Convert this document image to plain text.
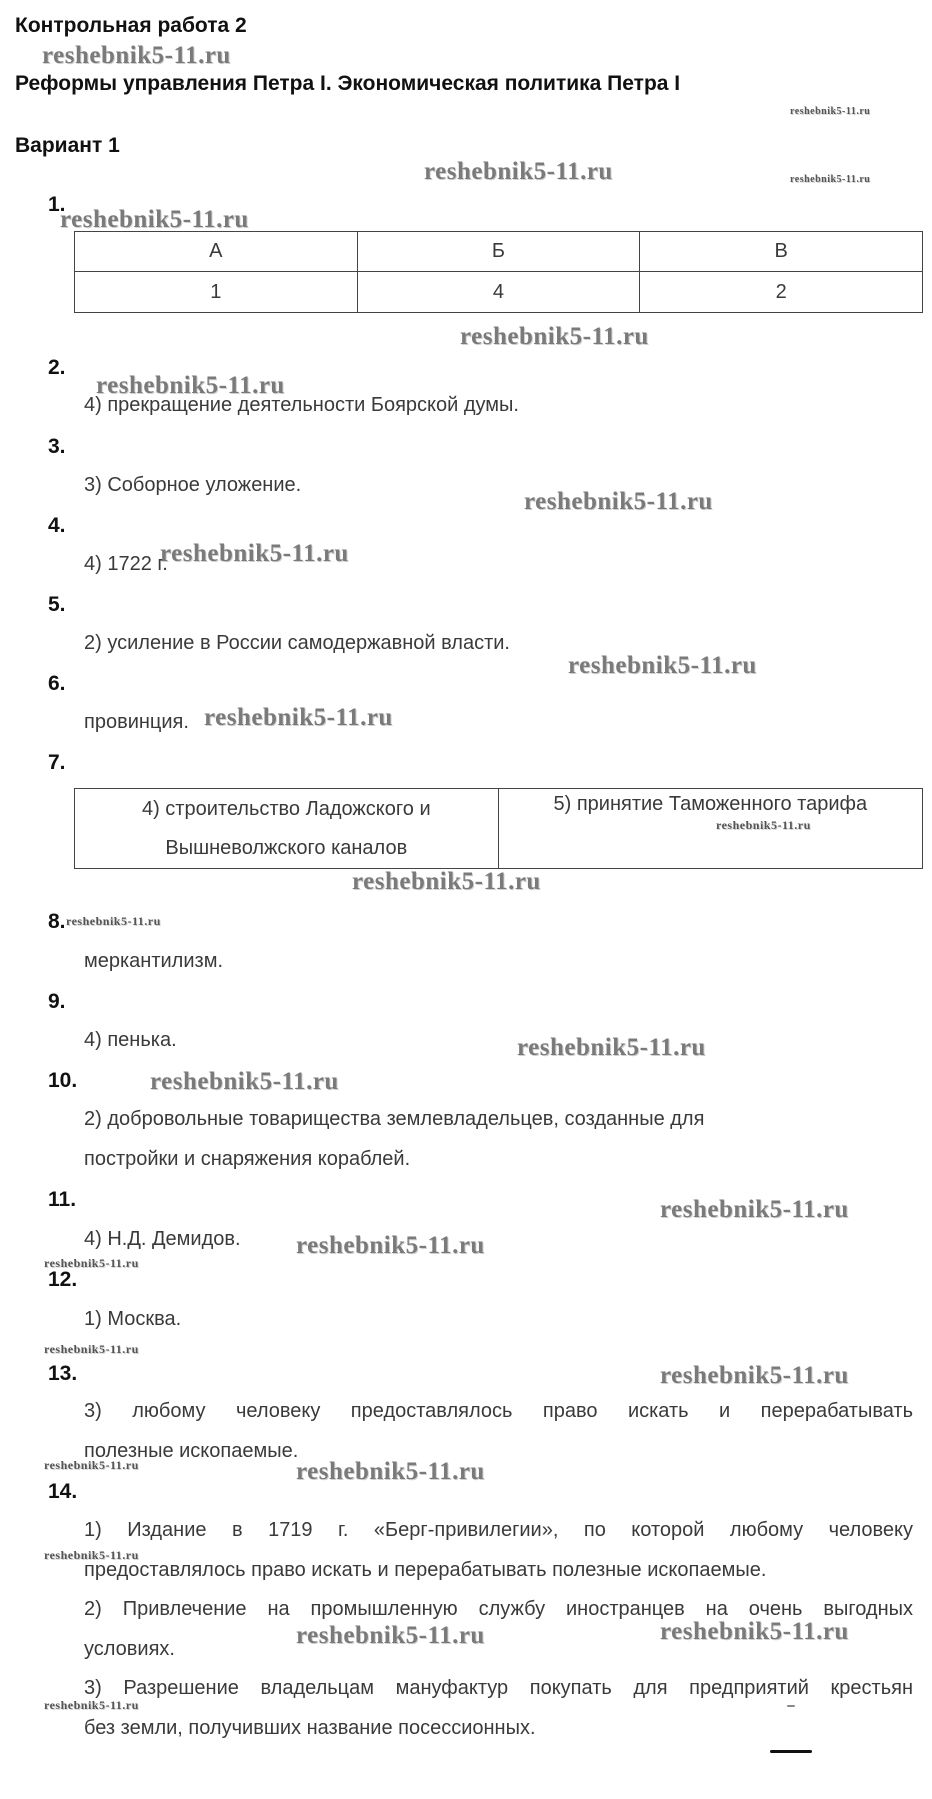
Контрольная работа 2
Реформы управления Петра I. Экономическая политика Петра I
Вариант 1
1.
А	Б	В
1	4	2
2.
4) прекращение деятельности Боярской думы.
3.
3) Соборное уложение.
4.
4) 1722 г.
5.
2) усиление в России самодержавной власти.
6.
провинция.
7.
4) строительство Ладожского и
Вышневолжского каналов
	5) принятие Таможенного тарифа
8.
меркантилизм.
9.
4) пенька.
10.
2) добровольные товарищества землевладельцев, созданные для
постройки и снаряжения кораблей.
11.
4) Н.Д. Демидов.
12.
1) Москва.
13.
3) любому человеку предоставлялось право искать и перерабатывать
полезные ископаемые.
14.
1) Издание в 1719 г. «Берг-привилегии», по которой любому человеку
предоставлялось право искать и перерабатывать полезные ископаемые.
2) Привлечение на промышленную службу иностранцев на очень выгодных
условиях.
3) Разрешение владельцам мануфактур покупать для предприятий крестьян
без земли, получивших название посессионных.
reshebnik5-11.ru
reshebnik5-11.ru
reshebnik5-11.ru	reshebnik5-11.ru
reshebnik5-11.ru
reshebnik5-11.ru
reshebnik5-11.ru
reshebnik5-11.ru
reshebnik5-11.ru
reshebnik5-11.ru
reshebnik5-11.ru
reshebnik5-11.ru
reshebnik5-11.ru
reshebnik5-11.ru
reshebnik5-11.ru
reshebnik5-11.ru
reshebnik5-11.ru
reshebnik5-11.ru
reshebnik5-11.ru
reshebnik5-11.ru
reshebnik5-11.ru
reshebnik5-11.ru	reshebnik5-11.ru
reshebnik5-11.ru
reshebnik5-11.ru	reshebnik5-11.ru
reshebnik5-11.ru
